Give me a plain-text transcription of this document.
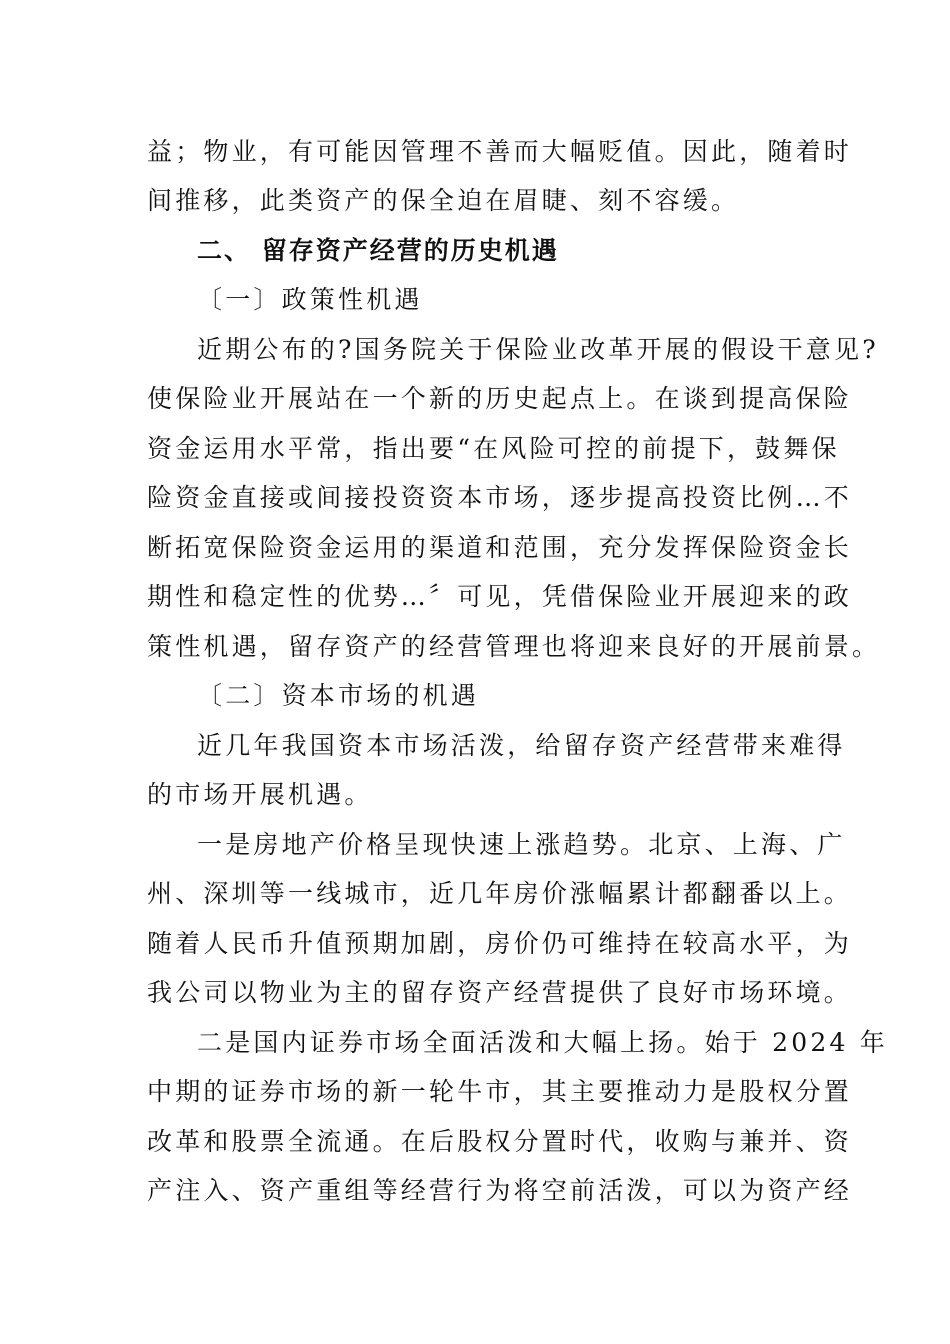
益；物业，有可能因管理不善而大幅贬值。因此，随着时
间推移，此类资产的保全迫在眉睫、刻不容缓。
二、 留存资产经营的历史机遇
〔一〕政策性机遇
近期公布的?国务院关于保险业改革开展的假设干意见?
使保险业开展站在一个新的历史起点上。在谈到提高保险
资金运用水平常，指出要“在风险可控的前提下，鼓舞保
险资金直接或间接投资资本市场，逐步提高投资比例…不
断拓宽保险资金运用的渠道和范围，充分发挥保险资金长
期性和稳定性的优势…〞可见，凭借保险业开展迎来的政
策性机遇，留存资产的经营管理也将迎来良好的开展前景。
〔二〕资本市场的机遇
近几年我国资本市场活泼，给留存资产经营带来难得
的市场开展机遇。
一是房地产价格呈现快速上涨趋势。北京、上海、广
州、深圳等一线城市，近几年房价涨幅累计都翻番以上。
随着人民币升值预期加剧，房价仍可维持在较高水平，为
我公司以物业为主的留存资产经营提供了良好市场环境。
二是国内证券市场全面活泼和大幅上扬。始于 2024 年
中期的证券市场的新一轮牛市，其主要推动力是股权分置
改革和股票全流通。在后股权分置时代，收购与兼并、资
产注入、资产重组等经营行为将空前活泼，可以为资产经
